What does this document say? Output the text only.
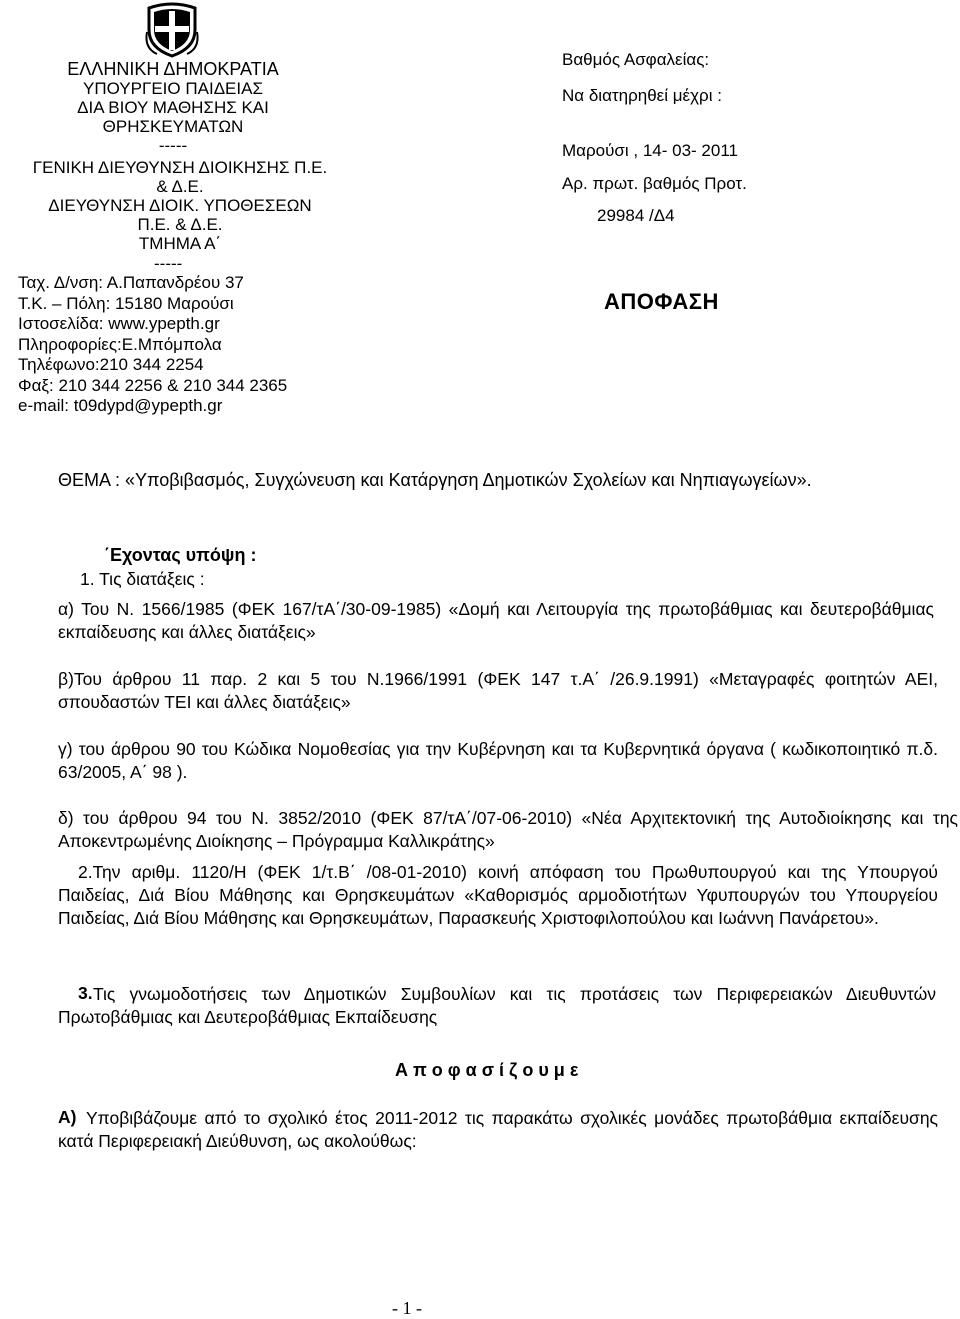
ΕΛΛΗΝΙΚΗ ΔΗΜΟΚΡΑΤΙΑ
ΥΠΟΥΡΓΕΙΟ ΠΑΙΔΕΙΑΣ
ΔΙΑ ΒΙΟΥ ΜΑΘΗΣΗΣ ΚΑΙ ΘΡΗΣΚΕΥΜΑΤΩΝ
-----
ΓΕΝΙΚΗ ΔΙΕΥΘΥΝΣΗ ΔΙΟΙΚΗΣΗΣ Π.Ε. & Δ.Ε.
ΔΙΕΥΘΥΝΣΗ ΔΙΟΙΚ. ΥΠΟΘΕΣΕΩΝ Π.Ε. & Δ.Ε.
ΤΜΗΜΑ Α΄
-----
Ταχ. Δ/νση: Α.Παπανδρέου 37
Τ.Κ. – Πόλη: 15180 Μαρούσι
Ιστοσελίδα: www.ypepth.gr
Πληροφορίες:Ε.Μπόμπολα
Τηλέφωνο:210 344 2254
Φαξ: 210 344 2256 & 210 344 2365
e-mail: t09dypd@ypepth.gr
Βαθμός Ασφαλείας:
Να διατηρηθεί μέχρι :
Μαρούσι , 14- 03- 2011
Αρ. πρωτ. βαθμός Προτ.
29984 /Δ4
ΑΠΟΦΑΣΗ
ΘΕΜΑ : «Υποβιβασμός, Συγχώνευση και Κατάργηση Δημοτικών Σχολείων και Νηπιαγωγείων».
΄Εχοντας υπόψη :
1. Τις διατάξεις :
α) Του Ν. 1566/1985 (ΦΕΚ 167/τΑ΄/30-09-1985) «Δομή και Λειτουργία της πρωτοβάθμιας και δευτεροβάθμιας εκπαίδευσης και άλλες διατάξεις»
β)Του άρθρου 11 παρ. 2 και 5 του Ν.1966/1991 (ΦΕΚ 147 τ.Α΄ /26.9.1991) «Μεταγραφές φοιτητών ΑΕΙ, σπουδαστών ΤΕΙ και άλλες διατάξεις»
γ) του άρθρου 90 του Κώδικα Νομοθεσίας για την Κυβέρνηση και τα Κυβερνητικά όργανα ( κωδικοποιητικό π.δ. 63/2005, Α΄ 98 ).
δ) του άρθρου 94 του Ν. 3852/2010 (ΦΕΚ 87/τΑ΄/07-06-2010) «Νέα Αρχιτεκτονική της Αυτοδιοίκησης και της Αποκεντρωμένης Διοίκησης – Πρόγραμμα Καλλικράτης»
2.Την αριθμ. 1120/Η (ΦΕΚ 1/τ.Β΄ /08-01-2010) κοινή απόφαση του Πρωθυπουργού και της Υπουργού Παιδείας, Διά Βίου Μάθησης και Θρησκευμάτων «Καθορισμός αρμοδιοτήτων Υφυπουργών του Υπουργείου Παιδείας, Διά Βίου Μάθησης και Θρησκευμάτων, Παρασκευής Χριστοφιλοπούλου και Ιωάννη Πανάρετου».
3. Τις γνωμοδοτήσεις των Δημοτικών Συμβουλίων και τις προτάσεις των Περιφερειακών Διευθυντών Πρωτοβάθμιας και Δευτεροβάθμιας Εκπαίδευσης
Α π ο φ α σ ί ζ ο υ μ ε
Α) Υποβιβάζουμε από το σχολικό έτος 2011-2012 τις παρακάτω σχολικές μονάδες πρωτοβάθμια εκπαίδευσης κατά Περιφερειακή Διεύθυνση, ως ακολούθως:
- 1 -
